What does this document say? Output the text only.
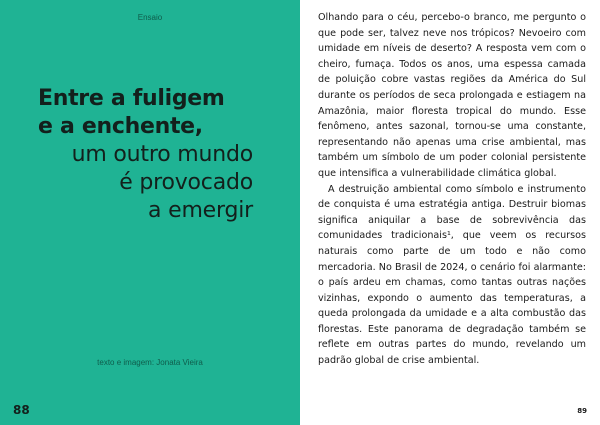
Ensaio
Entre a fuligem
e a enchente,
um outro mundo
é provocado
a emergir
texto e imagem: Jonata Vieira
88

Olhando para o céu, percebo-o branco, me pergunto o que pode ser, talvez neve nos trópicos? Nevoeiro com umidade em níveis de deserto? A resposta vem com o cheiro, fumaça. Todos os anos, uma espessa camada de poluição cobre vastas regiões da América do Sul durante os períodos de seca prolongada e estiagem na Amazônia, maior floresta tropical do mundo. Esse fenômeno, antes sazonal, tornou-se uma constante, representando não apenas uma crise ambiental, mas também um símbolo de um poder colonial persistente que intensifica a vulnerabilidade climática global.

A destruição ambiental como símbolo e instrumento de conquista é uma estratégia antiga. Destruir biomas significa aniquilar a base de sobrevivência das comunidades tradicionais¹, que veem os recursos naturais como parte de um todo e não como mercadoria. No Brasil de 2024, o cenário foi alarmante: o país ardeu em chamas, como tantas outras nações vizinhas, expondo o aumento das temperaturas, a queda prolongada da umidade e a alta combustão das florestas. Este panorama de degradação também se reflete em outras partes do mundo, revelando um padrão global de crise ambiental.

89
